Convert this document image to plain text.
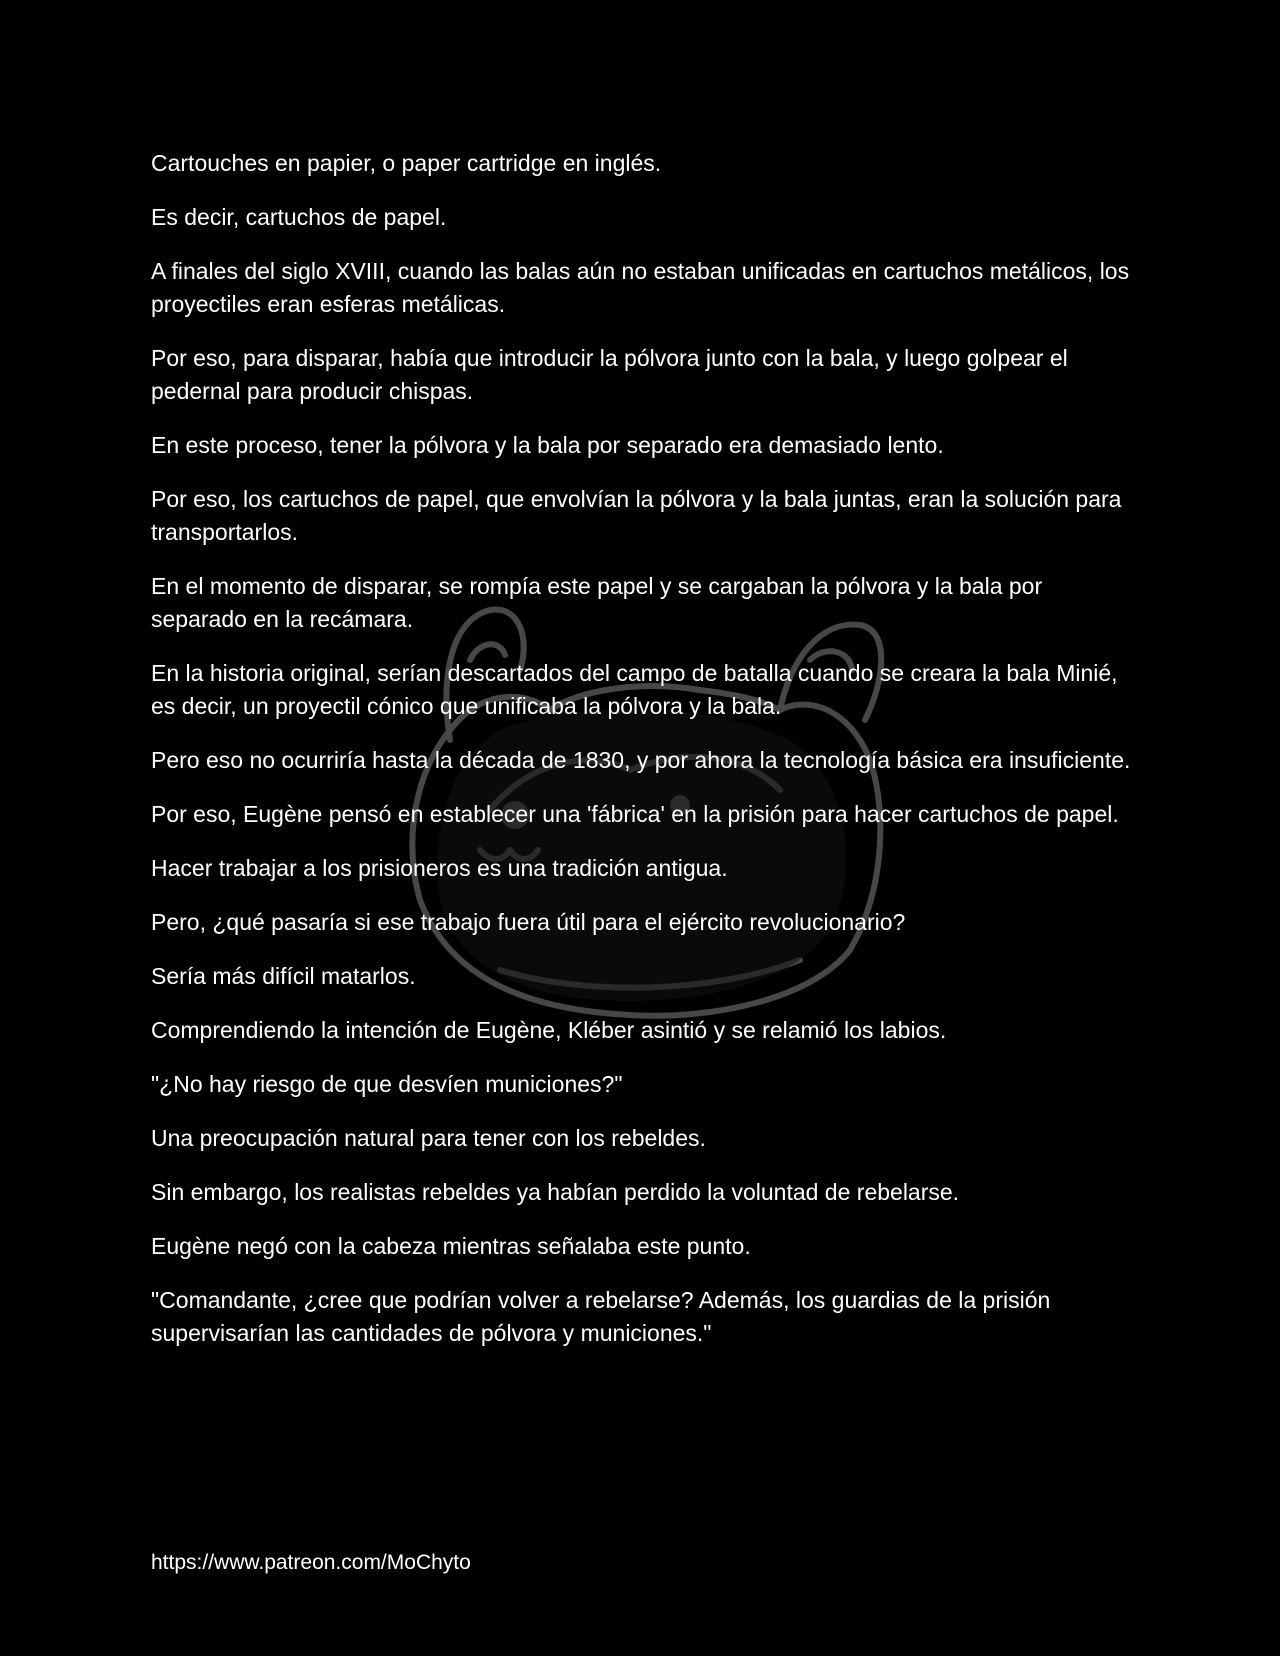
Cartouches en papier, o paper cartridge en inglés.

Es decir, cartuchos de papel.

A finales del siglo XVIII, cuando las balas aún no estaban unificadas en cartuchos metálicos, los proyectiles eran esferas metálicas.

Por eso, para disparar, había que introducir la pólvora junto con la bala, y luego golpear el pedernal para producir chispas.

En este proceso, tener la pólvora y la bala por separado era demasiado lento.

Por eso, los cartuchos de papel, que envolvían la pólvora y la bala juntas, eran la solución para transportarlos.

En el momento de disparar, se rompía este papel y se cargaban la pólvora y la bala por separado en la recámara.

En la historia original, serían descartados del campo de batalla cuando se creara la bala Minié, es decir, un proyectil cónico que unificaba la pólvora y la bala.

Pero eso no ocurriría hasta la década de 1830, y por ahora la tecnología básica era insuficiente.

Por eso, Eugène pensó en establecer una 'fábrica' en la prisión para hacer cartuchos de papel.

Hacer trabajar a los prisioneros es una tradición antigua.

Pero, ¿qué pasaría si ese trabajo fuera útil para el ejército revolucionario?

Sería más difícil matarlos.

Comprendiendo la intención de Eugène, Kléber asintió y se relamió los labios.

"¿No hay riesgo de que desvíen municiones?"

Una preocupación natural para tener con los rebeldes.

Sin embargo, los realistas rebeldes ya habían perdido la voluntad de rebelarse.

Eugène negó con la cabeza mientras señalaba este punto.

"Comandante, ¿cree que podrían volver a rebelarse? Además, los guardias de la prisión supervisarían las cantidades de pólvora y municiones."

https://www.patreon.com/MoChyto
